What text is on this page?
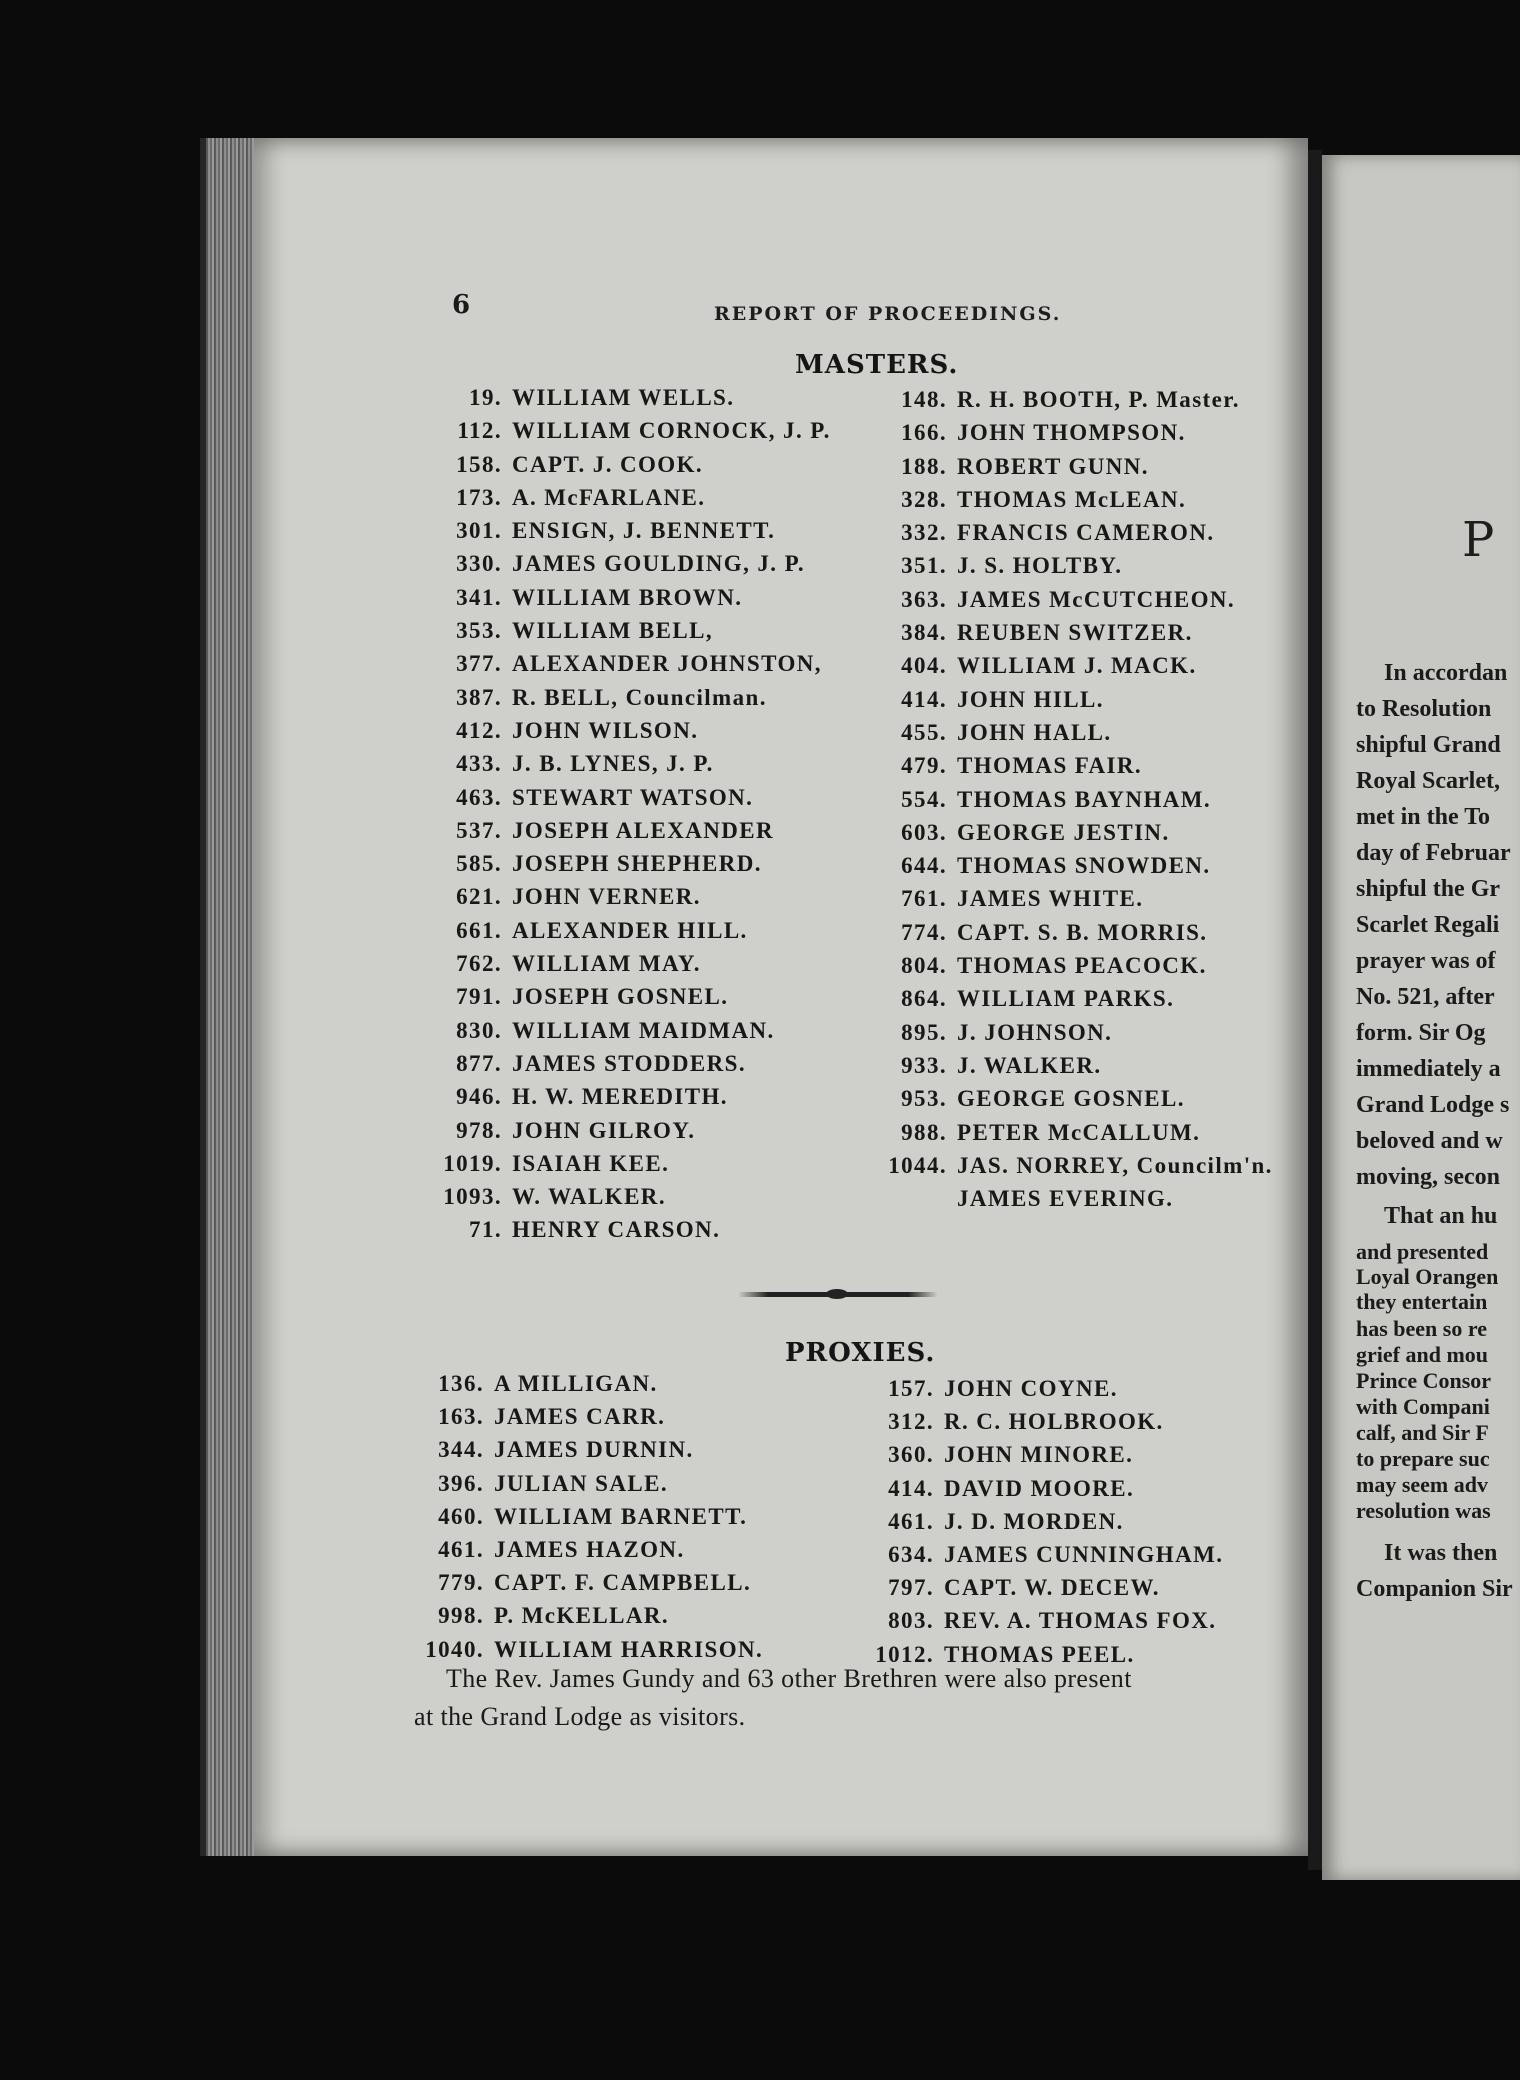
6	REPORT OF PROCEEDINGS.
MASTERS.
19. WILLIAM WELLS.
112. WILLIAM CORNOCK, J. P.
158. CAPT. J. COOK.
173. A. McFARLANE.
301. ENSIGN, J. BENNETT.
330. JAMES GOULDING, J. P.
341. WILLIAM BROWN.
353. WILLIAM BELL,
377. ALEXANDER JOHNSTON,
387. R. BELL, Councilman.
412. JOHN WILSON.
433. J. B. LYNES, J. P.
463. STEWART WATSON.
537. JOSEPH ALEXANDER
585. JOSEPH SHEPHERD.
621. JOHN VERNER.
661. ALEXANDER HILL.
762. WILLIAM MAY.
791. JOSEPH GOSNEL.
830. WILLIAM MAIDMAN.
877. JAMES STODDERS.
946. H. W. MEREDITH.
978. JOHN GILROY.
1019. ISAIAH KEE.
1093. W. WALKER.
71. HENRY CARSON.
148. R. H. BOOTH, P. Master.
166. JOHN THOMPSON.
188. ROBERT GUNN.
328. THOMAS McLEAN.
332. FRANCIS CAMERON.
351. J. S. HOLTBY.
363. JAMES McCUTCHEON.
384. REUBEN SWITZER.
404. WILLIAM J. MACK.
414. JOHN HILL.
455. JOHN HALL.
479. THOMAS FAIR.
554. THOMAS BAYNHAM.
603. GEORGE JESTIN.
644. THOMAS SNOWDEN.
761. JAMES WHITE.
774. CAPT. S. B. MORRIS.
804. THOMAS PEACOCK.
864. WILLIAM PARKS.
895. J. JOHNSON.
933. J. WALKER.
953. GEORGE GOSNEL.
988. PETER McCALLUM.
1044. JAS. NORREY, Councilm'n.
JAMES EVERING.
PROXIES.
136. A MILLIGAN.
163. JAMES CARR.
344. JAMES DURNIN.
396. JULIAN SALE.
460. WILLIAM BARNETT.
461. JAMES HAZON.
779. CAPT. F. CAMPBELL.
998. P. McKELLAR.
1040. WILLIAM HARRISON.
157. JOHN COYNE.
312. R. C. HOLBROOK.
360. JOHN MINORE.
414. DAVID MOORE.
461. J. D. MORDEN.
634. JAMES CUNNINGHAM.
797. CAPT. W. DECEW.
803. REV. A. THOMAS FOX.
1012. THOMAS PEEL.
The Rev. James Gundy and 63 other Brethren were also present
at the Grand Lodge as visitors.
P
In accordan
to Resolution
shipful Grand
Royal Scarlet,
met in the To
day of Februar
shipful the Gr
Scarlet Regali
prayer was of
No. 521, after
form. Sir Og
immediately a
Grand Lodge s
beloved and w
moving, secon
That an hu
and presented
Loyal Orangen
they entertain
has been so re
grief and mou
Prince Consor
with Compani
calf, and Sir F
to prepare suc
may seem adv
resolution was
It was then
Companion Sir
